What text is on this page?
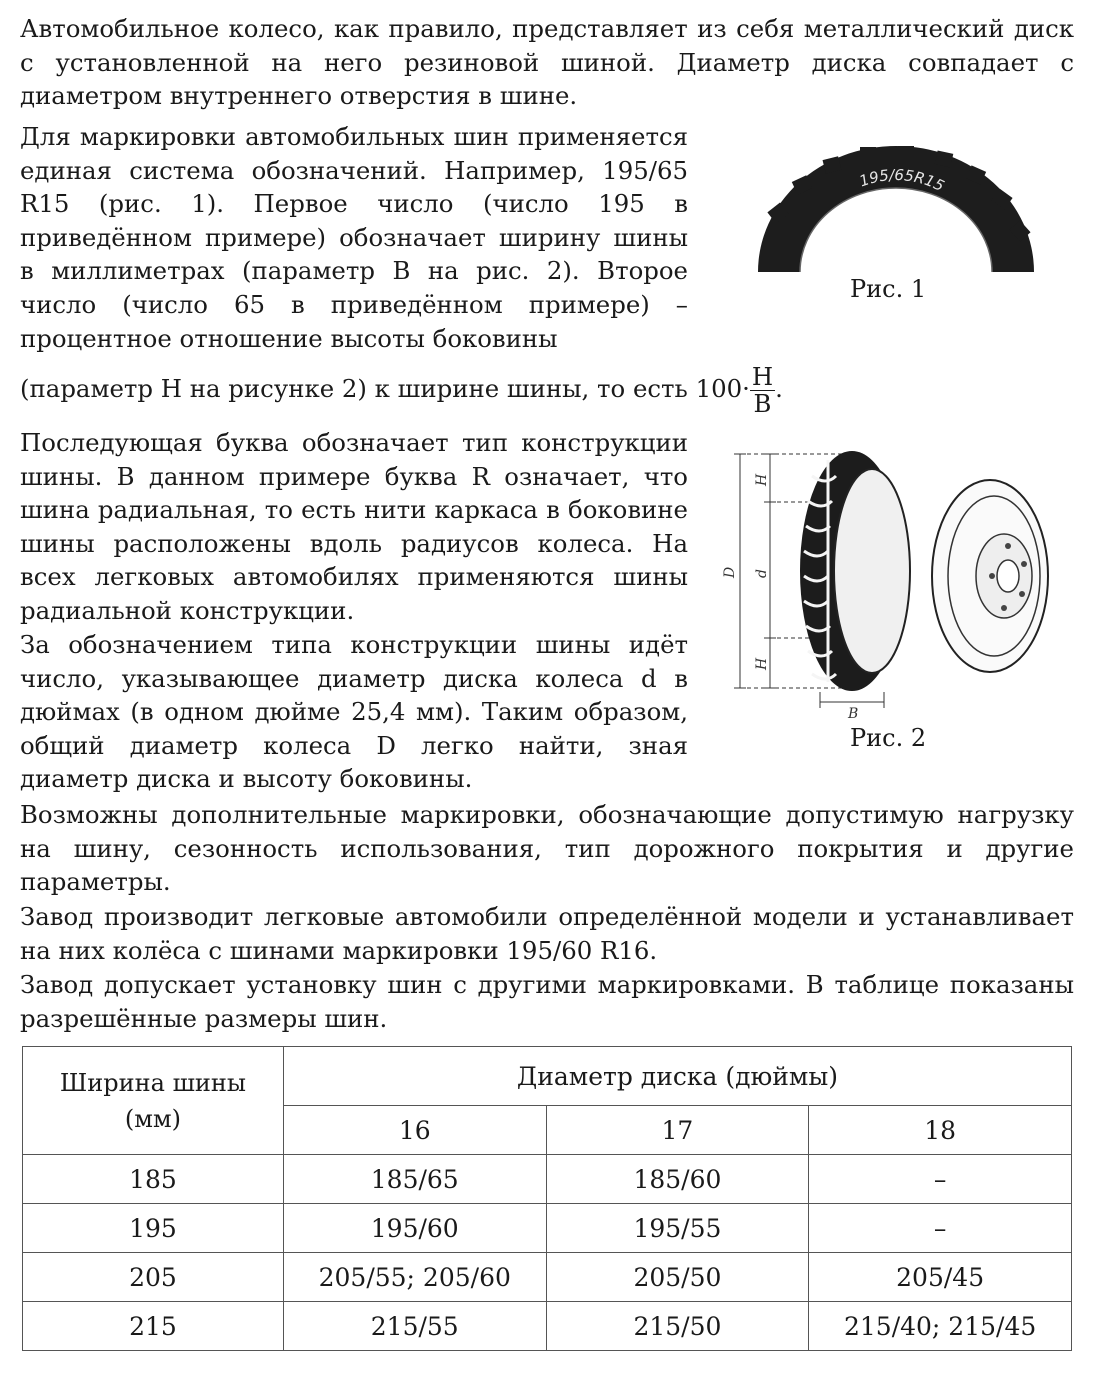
Автомобильное колесо, как правило, представляет из себя металлический диск с установленной на него резиновой шиной. Диаметр диска совпадает с диаметром внутреннего отверстия в шине.

Для маркировки автомобильных шин применяется единая система обозначений. Например, 195/65 R15 (рис. 1). Первое число (число 195 в приведённом примере) обозначает ширину шины в миллиметрах (параметр B на рис. 2). Второе число (число 65 в приведённом примере) – процентное отношение высоты боковины

(параметр H на рисунке 2) к ширине шины, то есть $100\cdot \frac{H}{B}$ .

Последующая буква обозначает тип конструкции шины. В данном примере буква R означает, что шина радиальная, то есть нити каркаса в боковине шины расположены вдоль радиусов колеса. На всех легковых автомобилях применяются шины радиальной конструкции.

За обозначением типа конструкции шины идёт число, указывающее диаметр диска колеса d в дюймах (в одном дюйме 25,4 мм). Таким образом, общий диаметр колеса D легко найти, зная диаметр диска и высоту боковины.

Возможны дополнительные маркировки, обозначающие допустимую нагрузку на шину, сезонность использования, тип дорожного покрытия и другие параметры.

Завод производит легковые автомобили определённой модели и устанавливает на них колёса с шинами маркировки 195/60 R16.

Завод допускает установку шин с другими маркировками. В таблице показаны разрешённые размеры шин.

195/65R15
Рис. 1
H
d
H
D
B
Рис. 2
Ширина шины (мм)	Диаметр диска (дюймы)		
	16	17	18
185	185/65	185/60	–
195	195/60	195/55	–
205	205/55; 205/60	205/50	205/45
215	215/55	215/50	215/40; 215/45
